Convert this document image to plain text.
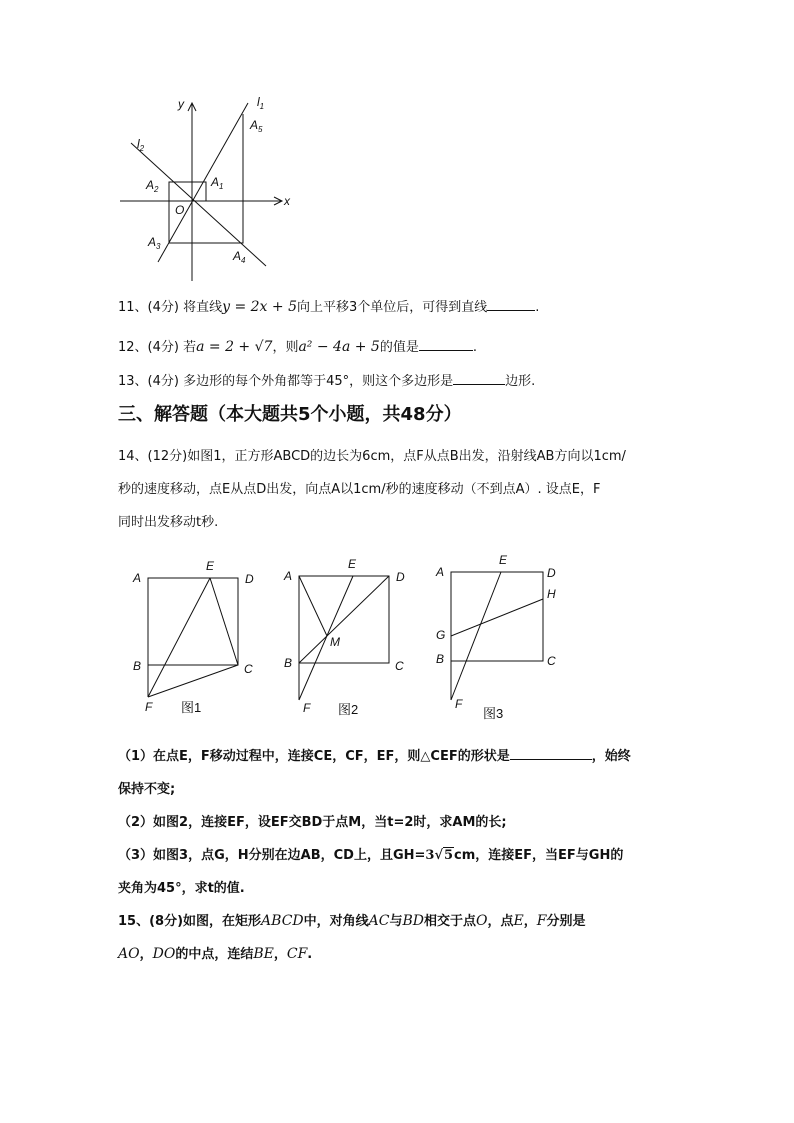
y
x
O
$l_1$
$l_2$
$A_1$
$A_2$
$A_3$
$A_4$
$A_5$
11、(4分) 将直线y = 2x + 5向上平移3个单位后，可得到直线	.
12、(4分) 若a = 2 + √7，则a² − 4a + 5的值是	.
13、(4分) 多边形的每个外角都等于45°，则这个多边形是	边形.
三、解答题（本大题共5个小题，共48分）

14、(12分)如图1，正方形ABCD的边长为6cm，点F从点B出发，沿射线AB方向以1cm/

秒的速度移动，点E从点D出发，向点A以1cm/秒的速度移动（不到点A）. 设点E，F

同时出发移动t秒.

A
E
D
B	C
F
A
E
D
M
B	C
F
A
E
D
H
G
B	C
F
图1	图2	图3

（1）在点E，F移动过程中，连接CE，CF，EF，则△CEF的形状是	，始终

保持不变;

（2）如图2，连接EF，设EF交BD于点M，当t=2时，求AM的长;

（3）如图3，点G，H分别在边AB，CD上，且GH=3√5cm，连接EF，当EF与GH的

夹角为45°，求t的值.

15、(8分)如图，在矩形ABCD中，对角线AC与BD相交于点O，点E，F分别是

AO，DO的中点，连结BE，CF.
